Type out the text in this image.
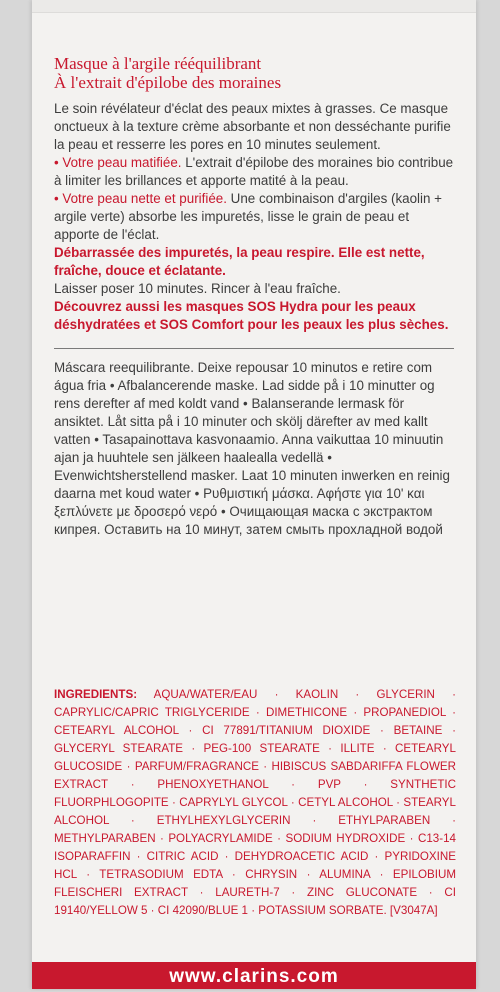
Masque à l'argile rééquilibrant

À l'extrait d'épilobe des moraines

Le soin révélateur d'éclat des peaux mixtes à grasses. Ce masque onctueux à la texture crème absorbante et non desséchante purifie la peau et resserre les pores en 10 minutes seulement.

• Votre peau matifiée. L'extrait d'épilobe des moraines bio contribue à limiter les brillances et apporte matité à la peau.

• Votre peau nette et purifiée. Une combinaison d'argiles (kaolin + argile verte) absorbe les impuretés, lisse le grain de peau et apporte de l'éclat.

Débarrassée des impuretés, la peau respire. Elle est nette, fraîche, douce et éclatante.

Laisser poser 10 minutes. Rincer à l'eau fraîche.

Découvrez aussi les masques SOS Hydra pour les peaux déshydratées et SOS Comfort pour les peaux les plus sèches.

Máscara reequilibrante. Deixe repousar 10 minutos e retire com água fria • Afbalancerende maske. Lad sidde på i 10 minutter og rens derefter af med koldt vand • Balanserande lermask för ansiktet. Låt sitta på i 10 minuter och skölj därefter av med kallt vatten • Tasapainottava kasvonaamio. Anna vaikuttaa 10 minuutin ajan ja huuhtele sen jälkeen haalealla vedellä • Evenwichtsherstellend masker. Laat 10 minuten inwerken en reinig daarna met koud water • Ρυθμιστική μάσκα. Αφήστε για 10' και ξεπλύνετε με δροσερό νερό • Очищающая маска с экстрактом кипрея. Оставить на 10 минут, затем смыть прохладной водой

INGREDIENTS: AQUA/WATER/EAU · KAOLIN · GLYCERIN · CAPRYLIC/CAPRIC TRIGLYCERIDE · DIMETHICONE · PROPANEDIOL · CETEARYL ALCOHOL · CI 77891/TITANIUM DIOXIDE · BETAINE · GLYCERYL STEARATE · PEG-100 STEARATE · ILLITE · CETEARYL GLUCOSIDE · PARFUM/FRAGRANCE · HIBISCUS SABDARIFFA FLOWER EXTRACT · PHENOXYETHANOL · PVP · SYNTHETIC FLUORPHLOGOPITE · CAPRYLYL GLYCOL · CETYL ALCOHOL · STEARYL ALCOHOL · ETHYLHEXYLGLYCERIN · ETHYLPARABEN · METHYLPARABEN · POLYACRYLAMIDE · SODIUM HYDROXIDE · C13-14 ISOPARAFFIN · CITRIC ACID · DEHYDROACETIC ACID · PYRIDOXINE HCL · TETRASODIUM EDTA · CHRYSIN · ALUMINA · EPILOBIUM FLEISCHERI EXTRACT · LAURETH-7 · ZINC GLUCONATE · CI 19140/YELLOW 5 · CI 42090/BLUE 1 · POTASSIUM SORBATE. [V3047A]

www.clarins.com
